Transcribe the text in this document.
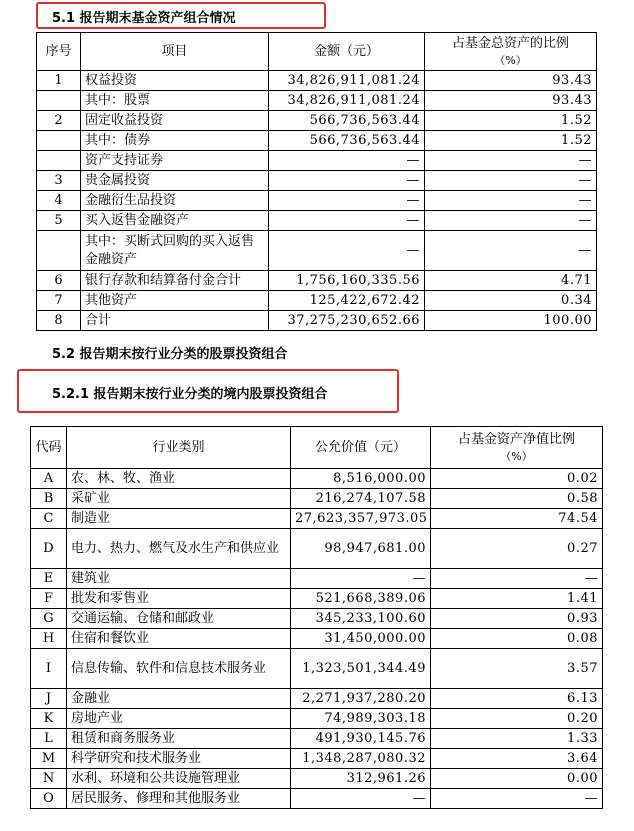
5.1 报告期末基金资产组合情况
序号	项目	金额（元）	占基金总资产的比例
（%）

1	权益投资	34,826,911,081.24	93.43
	其中：股票	34,826,911,081.24	93.43
2	固定收益投资	566,736,563.44	1.52
	其中：债券	566,736,563.44	1.52
	资产支持证券	—	—
3	贵金属投资	—	—
4	金融衍生品投资	—	—
5	买入返售金融资产	—	—
	其中：买断式回购的买入返售金融资产	—	—
6	银行存款和结算备付金合计	1,756,160,335.56	4.71
7	其他资产	125,422,672.42	0.34
8	合计	37,275,230,652.66	100.00
5.2 报告期末按行业分类的股票投资组合
5.2.1 报告期末按行业分类的境内股票投资组合
代码	行业类别	公允价值（元）	占基金资产净值比例
（%）

A	农、林、牧、渔业	8,516,000.00	0.02
B	采矿业	216,274,107.58	0.58
C	制造业	27,623,357,973.05	74.54
D	电力、热力、燃气及水生产和供应业	98,947,681.00	0.27
E	建筑业	—	—
F	批发和零售业	521,668,389.06	1.41
G	交通运输、仓储和邮政业	345,233,100.60	0.93
H	住宿和餐饮业	31,450,000.00	0.08
I	信息传输、软件和信息技术服务业	1,323,501,344.49	3.57
J	金融业	2,271,937,280.20	6.13
K	房地产业	74,989,303.18	0.20
L	租赁和商务服务业	491,930,145.76	1.33
M	科学研究和技术服务业	1,348,287,080.32	3.64
N	水利、环境和公共设施管理业	312,961.26	0.00
O	居民服务、修理和其他服务业	—	—
